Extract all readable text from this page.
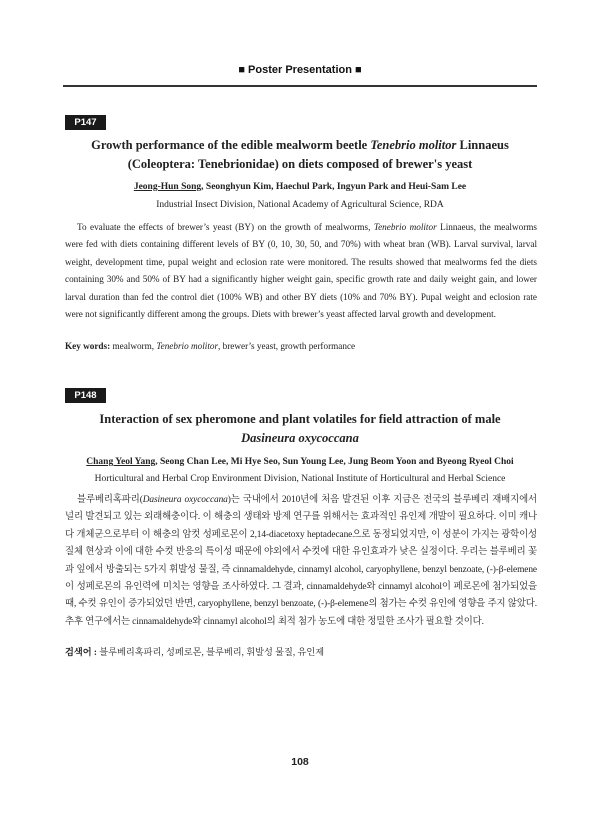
■ Poster Presentation ■
P147
Growth performance of the edible mealworm beetle Tenebrio molitor Linnaeus
(Coleoptera: Tenebrionidae) on diets composed of brewer's yeast
Jeong-Hun Song, Seonghyun Kim, Haechul Park, Ingyun Park and Heui-Sam Lee
Industrial Insect Division, National Academy of Agricultural Science, RDA

To evaluate the effects of brewer’s yeast (BY) on the growth of mealworms, Tenebrio molitor Linnaeus, the mealworms were fed with diets containing different levels of BY (0, 10, 30, 50, and 70%) with wheat bran (WB). Larval survival, larval weight, development time, pupal weight and eclosion rate were monitored. The results showed that mealworms fed the diets containing 30% and 50% of BY had a significantly higher weight gain, specific growth rate and daily weight gain, and lower larval duration than fed the control diet (100% WB) and other BY diets (10% and 70% BY). Pupal weight and eclosion rate were not significantly different among the groups. Diets with brewer’s yeast affected larval growth and development.

Key words: mealworm, Tenebrio molitor, brewer’s yeast, growth performance
P148
Interaction of sex pheromone and plant volatiles for field attraction of male
Dasineura oxycoccana
Chang Yeol Yang, Seong Chan Lee, Mi Hye Seo, Sun Young Lee, Jung Beom Yoon and Byeong Ryeol Choi
Horticultural and Herbal Crop Environment Division, National Institute of Horticultural and Herbal Science

블루베리혹파리(Dasineura oxycoccana)는 국내에서 2010년에 처음 발견된 이후 지금은 전국의 블루베리 재배지에서 널리 발견되고 있는 외래해충이다. 이 해충의 생태와 방제 연구를 위해서는 효과적인 유인제 개발이 필요하다. 이미 캐나다 개체군으로부터 이 해충의 암컷 성페로몬이 2,14-diacetoxy heptadecane으로 동정되었지만, 이 성분이 가지는 광학이성질체 현상과 이에 대한 수컷 반응의 특이성 때문에 야외에서 수컷에 대한 유인효과가 낮은 실정이다. 우리는 블루베리 꽃과 잎에서 방출되는 5가지 휘발성 물질, 즉 cinnamaldehyde, cinnamyl alcohol, caryophyllene, benzyl benzoate, (-)-β-elemene이 성페로몬의 유인력에 미치는 영향을 조사하였다. 그 결과, cinnamaldehyde와 cinnamyl alcohol이 페로몬에 첨가되었을 때, 수컷 유인이 증가되었던 반면, caryophyllene, benzyl benzoate, (-)-β-elemene의 첨가는 수컷 유인에 영향을 주지 않았다. 추후 연구에서는 cinnamaldehyde와 cinnamyl alcohol의 최적 첨가 농도에 대한 정밀한 조사가 필요할 것이다.

검색어 : 블루베리혹파리, 성페로몬, 블루베리, 휘발성 물질, 유인제
108
